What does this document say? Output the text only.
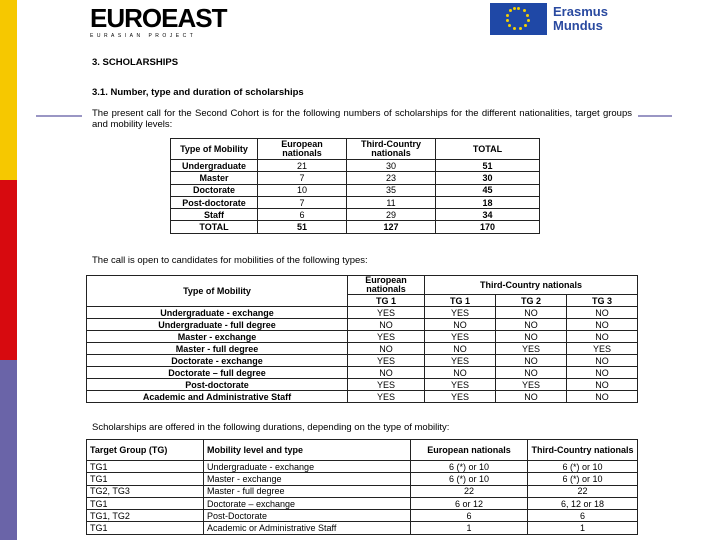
EUROEAST
EURASIAN PROJECT
Erasmus
Mundus
3. SCHOLARSHIPS
3.1. Number, type and duration of scholarships
The present call for the Second Cohort is for the following numbers of scholarships for the different nationalities, target groups and mobility levels:
Type of Mobility	European nationals	Third-Country nationals	TOTAL
Undergraduate	21	30	51
Master	7	23	30
Doctorate	10	35	45
Post-doctorate	7	11	18
Staff	6	29	34
TOTAL	51	127	170
The call is open to candidates for mobilities of the following types:
Type of Mobility	European nationals	Third-Country nationals		
	TG 1	TG 1	TG 2	TG 3
Undergraduate - exchange	YES	YES	NO	NO
Undergraduate - full degree	NO	NO	NO	NO
Master - exchange	YES	YES	NO	NO
Master - full degree	NO	NO	YES	YES
Doctorate - exchange	YES	YES	NO	NO
Doctorate – full degree	NO	NO	NO	NO
Post-doctorate	YES	YES	YES	NO
Academic and Administrative Staff	YES	YES	NO	NO
Scholarships are offered in the following durations, depending on the type of mobility:
Target Group (TG)	Mobility level and type	European nationals	Third-Country nationals
TG1	Undergraduate - exchange	6 (*) or 10	6 (*) or 10
TG1	Master - exchange	6 (*) or 10	6 (*) or 10
TG2, TG3	Master - full degree	22	22
TG1	Doctorate – exchange	6 or 12	6, 12 or 18
TG1, TG2	Post-Doctorate	6	6
TG1	Academic or Administrative Staff	1	1
